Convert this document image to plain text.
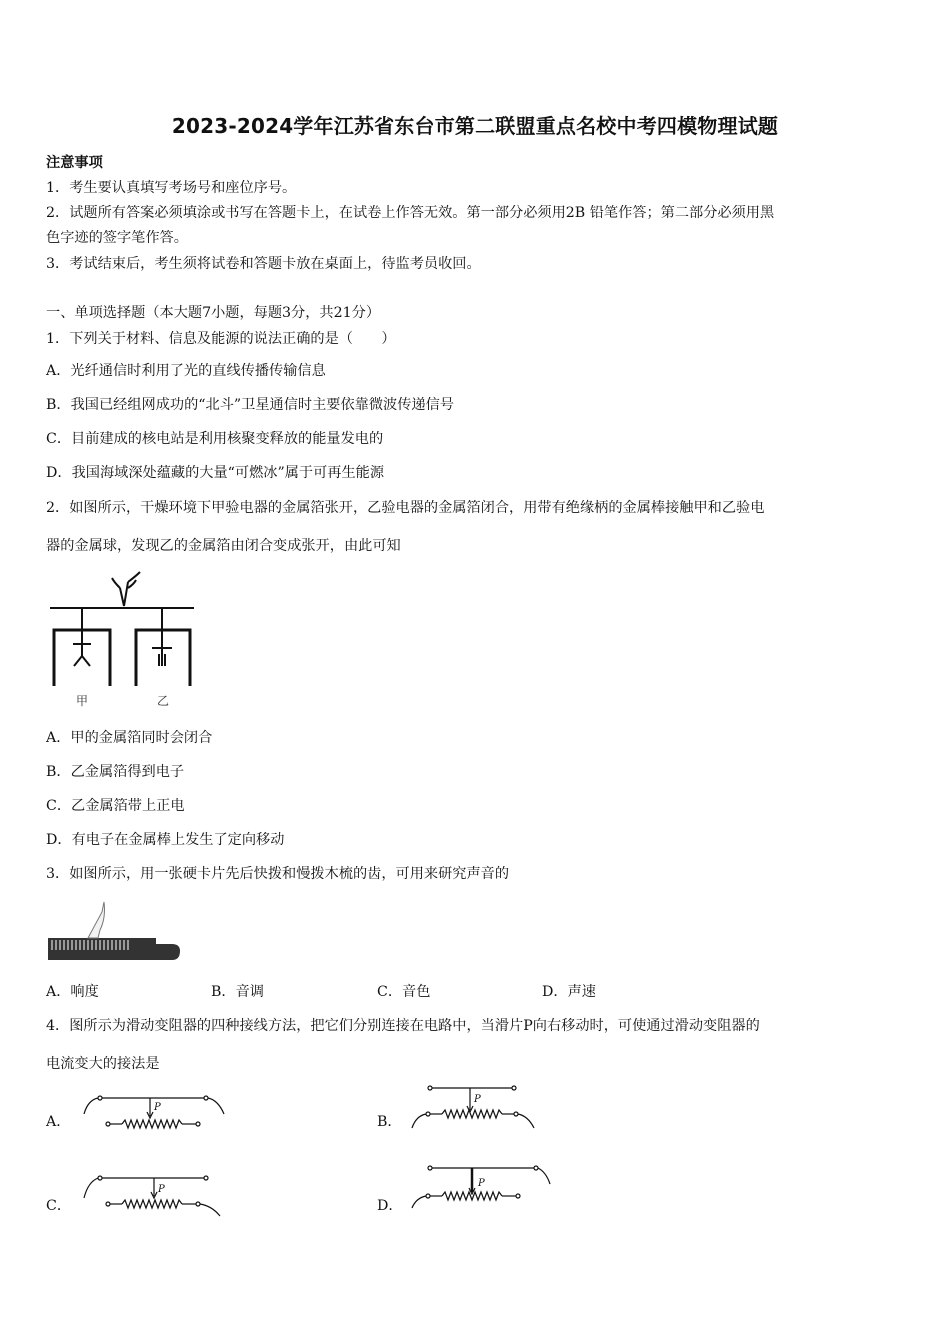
2023-2024学年江苏省东台市第二联盟重点名校中考四模物理试题
注意事项
1．考生要认真填写考场号和座位序号。
2．试题所有答案必须填涂或书写在答题卡上，在试卷上作答无效。第一部分必须用2B 铅笔作答；第二部分必须用黑
色字迹的签字笔作答。
3．考试结束后，考生须将试卷和答题卡放在桌面上，待监考员收回。
一、单项选择题（本大题7小题，每题3分，共21分）
1．下列关于材料、信息及能源的说法正确的是（　　）
A．光纤通信时利用了光的直线传播传输信息
B．我国已经组网成功的“北斗”卫星通信时主要依靠微波传递信号
C．目前建成的核电站是利用核聚变释放的能量发电的
D．我国海域深处蕴藏的大量“可燃冰”属于可再生能源
2．如图所示，干燥环境下甲验电器的金属箔张开，乙验电器的金属箔闭合，用带有绝缘柄的金属棒接触甲和乙验电
器的金属球，发现乙的金属箔由闭合变成张开，由此可知
甲	乙
A．甲的金属箔同时会闭合
B．乙金属箔得到电子
C．乙金属箔带上正电
D．有电子在金属棒上发生了定向移动
3．如图所示，用一张硬卡片先后快拨和慢拨木梳的齿，可用来研究声音的
A．响度	B．音调	C．音色	D．声速
4．图所示为滑动变阻器的四种接线方法，把它们分别连接在电路中，当滑片P向右移动时，可使通过滑动变阻器的
电流变大的接法是
A．
P
B．
P
C．
P
D．
P
